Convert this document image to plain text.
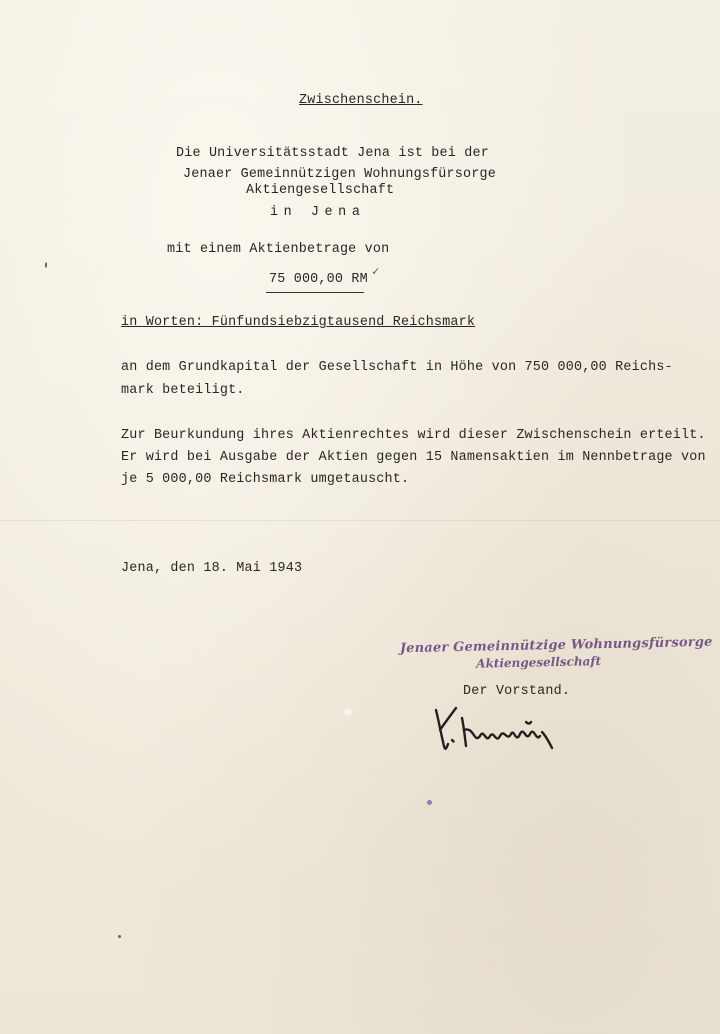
Zwischenschein.
Die Universitätsstadt Jena ist bei der
Jenaer Gemeinnützigen Wohnungsfürsorge
Aktiengesellschaft
in Jena
mit einem Aktienbetrage von
75 000,00 RM ✓
in Worten: Fünfundsiebzigtausend Reichsmark
an dem Grundkapital der Gesellschaft in Höhe von 750 000,00 Reichs-
mark beteiligt.
Zur Beurkundung ihres Aktienrechtes wird dieser Zwischenschein erteilt.
Er wird bei Ausgabe der Aktien gegen 15 Namensaktien im Nennbetrage von
je 5 000,00 Reichsmark umgetauscht.
Jena, den 18. Mai 1943
Jenaer Gemeinnützige Wohnungsfürsorge
Aktiengesellschaft
Der Vorstand.
